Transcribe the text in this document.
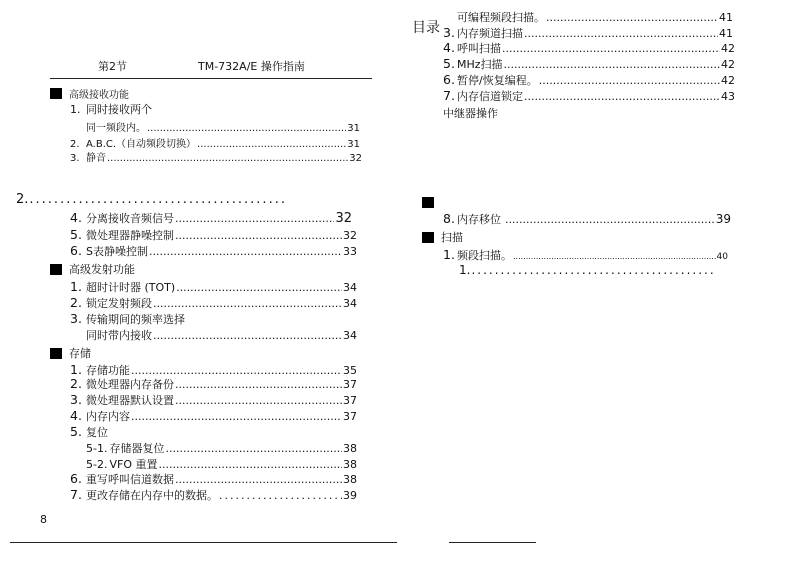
第2节	TM-732A/E 操作指南
目录
高级接收功能
1. 同时接收两个
同一频段内。 .....	31
2. A.B.C.（自动频段切换） .....	31
3. 静音 .....	32
2.
.....
4. 分离接收音频信号 .....	32
5. 微处理器静噪控制 .....	32
6. S表静噪控制 .....	33
高级发射功能
1. 超时计时器 (TOT) .....	34
2. 锁定发射频段 .....	34
3. 传输期间的频率选择
同时带内接收 .....	34
存储
1. 存储功能 .....	35
2. 微处理器内存备份 .....	37
3. 微处理器默认设置 .....	37
4. 内存内容 .....	37
5. 复位
5-1. 存储器复位 .....	38
5-2. VFO 重置 .....	38
6. 重写呼叫信道数据 .....	38
7. 更改存储在内存中的数据。 .....	39
8
可编程频段扫描。 .....	41
3. 内存频道扫描 .....	41
4. 呼叫扫描 .....	42
5. MHz扫描 .....	42
6. 暂停/恢复编程。 .....	42
7. 内存信道锁定 .....	43
中继器操作
8. 内存移位 .....	39
扫描
1. 频段扫描。 .....	40
1.
.....
